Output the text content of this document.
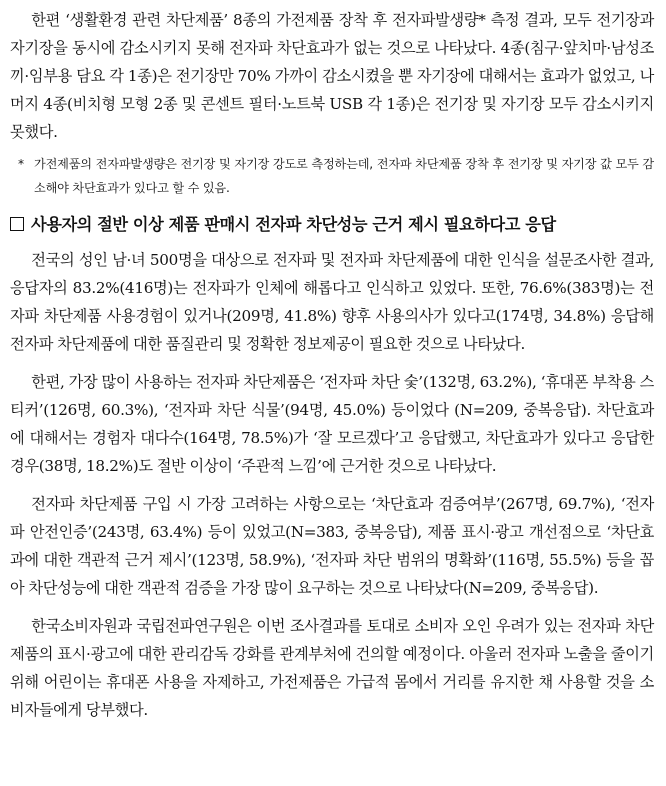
한편 ‘생활환경 관련 차단제품’ 8종의 가전제품 장착 후 전자파발생량* 측정 결과, 모두 전기장과 자기장을 동시에 감소시키지 못해 전자파 차단효과가 없는 것으로 나타났다. 4종(침구·앞치마·남성조끼·임부용 담요 각 1종)은 전기장만 70% 가까이 감소시켰을 뿐 자기장에 대해서는 효과가 없었고, 나머지 4종(비치형 모형 2종 및 콘센트 필터·노트북 USB 각 1종)은 전기장 및 자기장 모두 감소시키지 못했다.

* 가전제품의 전자파발생량은 전기장 및 자기장 강도로 측정하는데, 전자파 차단제품 장착 후 전기장 및 자기장 값 모두 감소해야 차단효과가 있다고 할 수 있음.

사용자의 절반 이상 제품 판매시 전자파 차단성능 근거 제시 필요하다고 응답

전국의 성인 남·녀 500명을 대상으로 전자파 및 전자파 차단제품에 대한 인식을 설문조사한 결과, 응답자의 83.2%(416명)는 전자파가 인체에 해롭다고 인식하고 있었다. 또한, 76.6%(383명)는 전자파 차단제품 사용경험이 있거나(209명, 41.8%) 향후 사용의사가 있다고(174명, 34.8%) 응답해 전자파 차단제품에 대한 품질관리 및 정확한 정보제공이 필요한 것으로 나타났다.

한편, 가장 많이 사용하는 전자파 차단제품은 ‘전자파 차단 숯’(132명, 63.2%), ‘휴대폰 부착용 스티커’(126명, 60.3%), ‘전자파 차단 식물’(94명, 45.0%) 등이었다 (N=209, 중복응답). 차단효과에 대해서는 경험자 대다수(164명, 78.5%)가 ‘잘 모르겠다’고 응답했고, 차단효과가 있다고 응답한 경우(38명, 18.2%)도 절반 이상이 ‘주관적 느낌’에 근거한 것으로 나타났다.

전자파 차단제품 구입 시 가장 고려하는 사항으로는 ‘차단효과 검증여부’(267명, 69.7%), ‘전자파 안전인증’(243명, 63.4%) 등이 있었고(N=383, 중복응답), 제품 표시·광고 개선점으로 ‘차단효과에 대한 객관적 근거 제시’(123명, 58.9%), ‘전자파 차단 범위의 명확화’(116명, 55.5%) 등을 꼽아 차단성능에 대한 객관적 검증을 가장 많이 요구하는 것으로 나타났다(N=209, 중복응답).

한국소비자원과 국립전파연구원은 이번 조사결과를 토대로 소비자 오인 우려가 있는 전자파 차단제품의 표시·광고에 대한 관리감독 강화를 관계부처에 건의할 예정이다. 아울러 전자파 노출을 줄이기 위해 어린이는 휴대폰 사용을 자제하고, 가전제품은 가급적 몸에서 거리를 유지한 채 사용할 것을 소비자들에게 당부했다.
